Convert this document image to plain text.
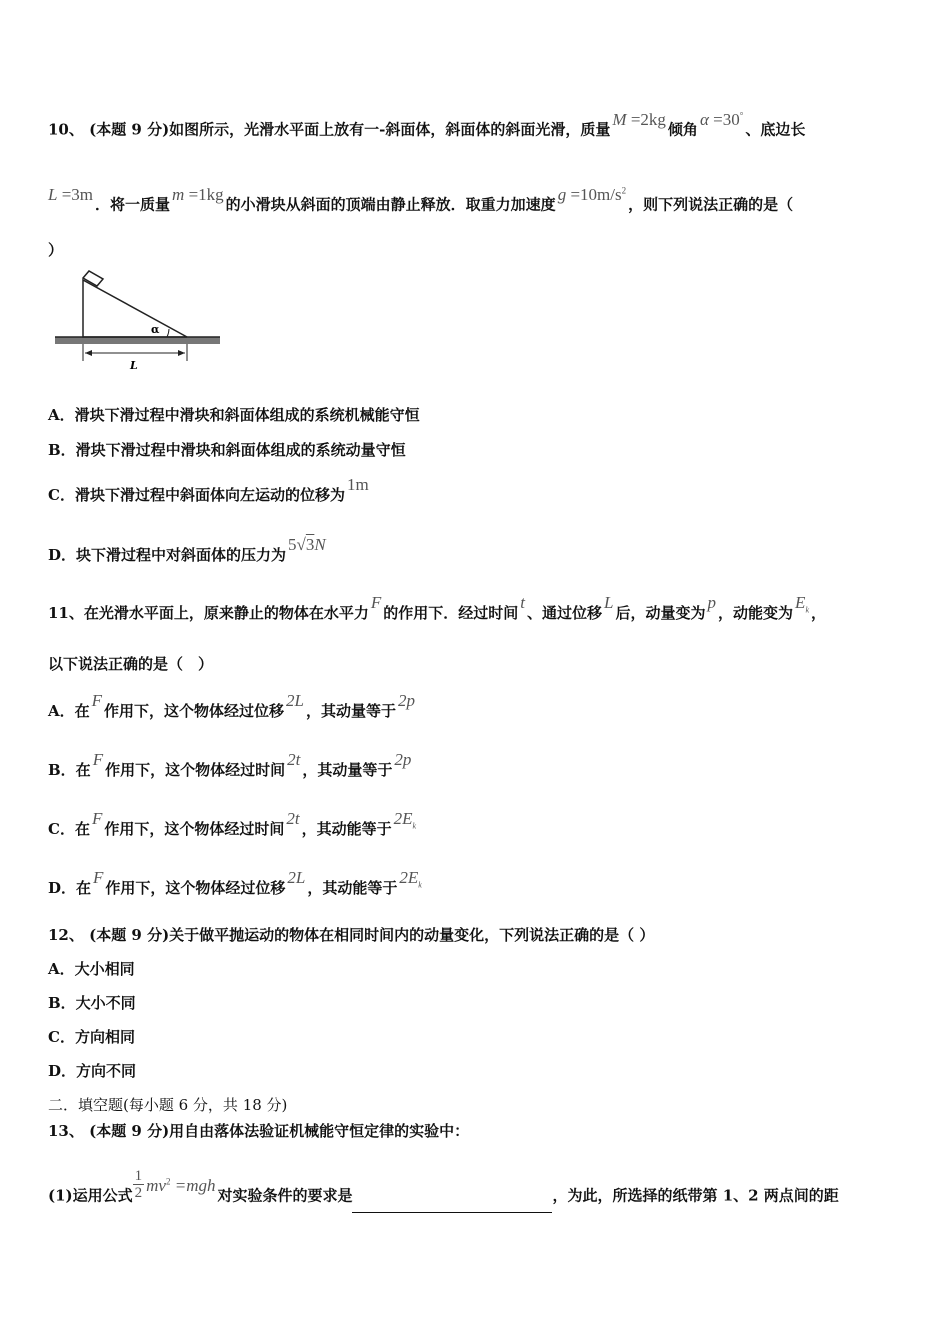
10、 (本题 9 分)如图所示，光滑水平面上放有一-斜面体，斜面体的斜面光滑，质量M =2kg倾角α =30°、底边长
L =3m．将一质量m =1kg的小滑块从斜面的顶端由静止释放．取重力加速度$g =10m/s^2$，则下列说法正确的是（
）
α
L
A．滑块下滑过程中滑块和斜面体组成的系统机械能守恒
B．滑块下滑过程中滑块和斜面体组成的系统动量守恒
C．滑块下滑过程中斜面体向左运动的位移为1m
D．块下滑过程中对斜面体的压力为5√3N
11、在光滑水平面上，原来静止的物体在水平力F的作用下．经过时间t、通过位移L后，动量变为p，动能变为$E_k$ ，
以下说法正确的是（　）
A．在F作用下，这个物体经过位移2L，其动量等于2p
B．在F作用下，这个物体经过时间2t，其动量等于2p
C．在F作用下，这个物体经过时间2t，其动能等于$2E_k$
D．在F作用下，这个物体经过位移2L，其动能等于$2E_k$
12、 (本题 9 分)关于做平抛运动的物体在相同时间内的动量变化，下列说法正确的是（ ）
A．大小相同
B．大小不同
C．方向相同
D．方向不同
二．填空题(每小题 6 分，共 18 分)
13、 (本题 9 分)用自由落体法验证机械能守恒定律的实验中：
(1)运用公式 $\frac{1}{2} mv^2 =mgh$对实验条件的要求是	，为此，所选择的纸带第 1、2 两点间的距
